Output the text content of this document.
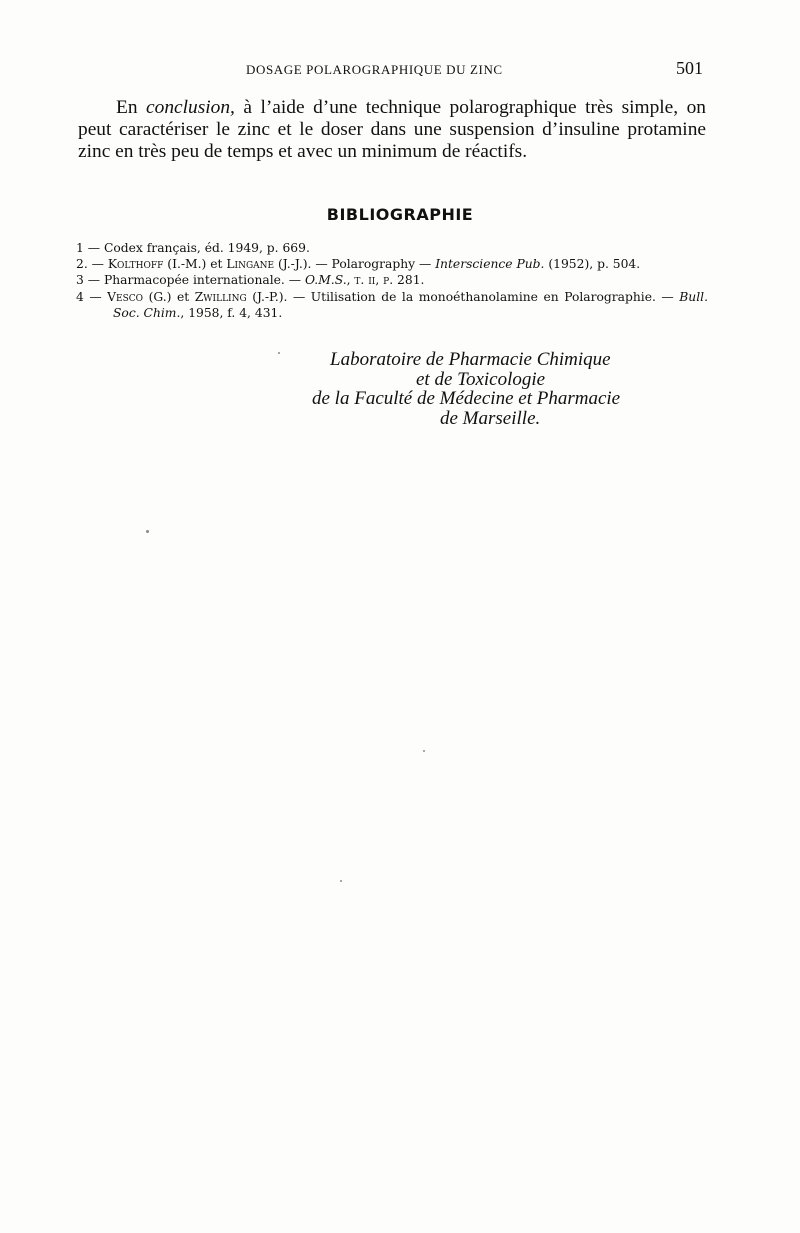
DOSAGE POLAROGRAPHIQUE DU ZINC	501

En conclusion, à l’aide d’une technique polarographique très simple, on peut caractériser le zinc et le doser dans une suspension d’insuline protamine zinc en très peu de temps et avec un minimum de réactifs.

BIBLIOGRAPHIE
1 — Codex français, éd. 1949, p. 669.
2. — Kolthoff (I.-M.) et Lingane (J.-J.). — Polarography — Interscience Pub. (1952), p. 504.
3 — Pharmacopée internationale. — O.M.S., t. ii, p. 281.
4 — Vesco (G.) et Zwilling (J.-P.). — Utilisation de la monoéthanolamine en Polarographie. — Bull. Soc. Chim., 1958, f. 4, 431.
Laboratoire de Pharmacie Chimique
et de Toxicologie
de la Faculté de Médecine et Pharmacie
de Marseille.
